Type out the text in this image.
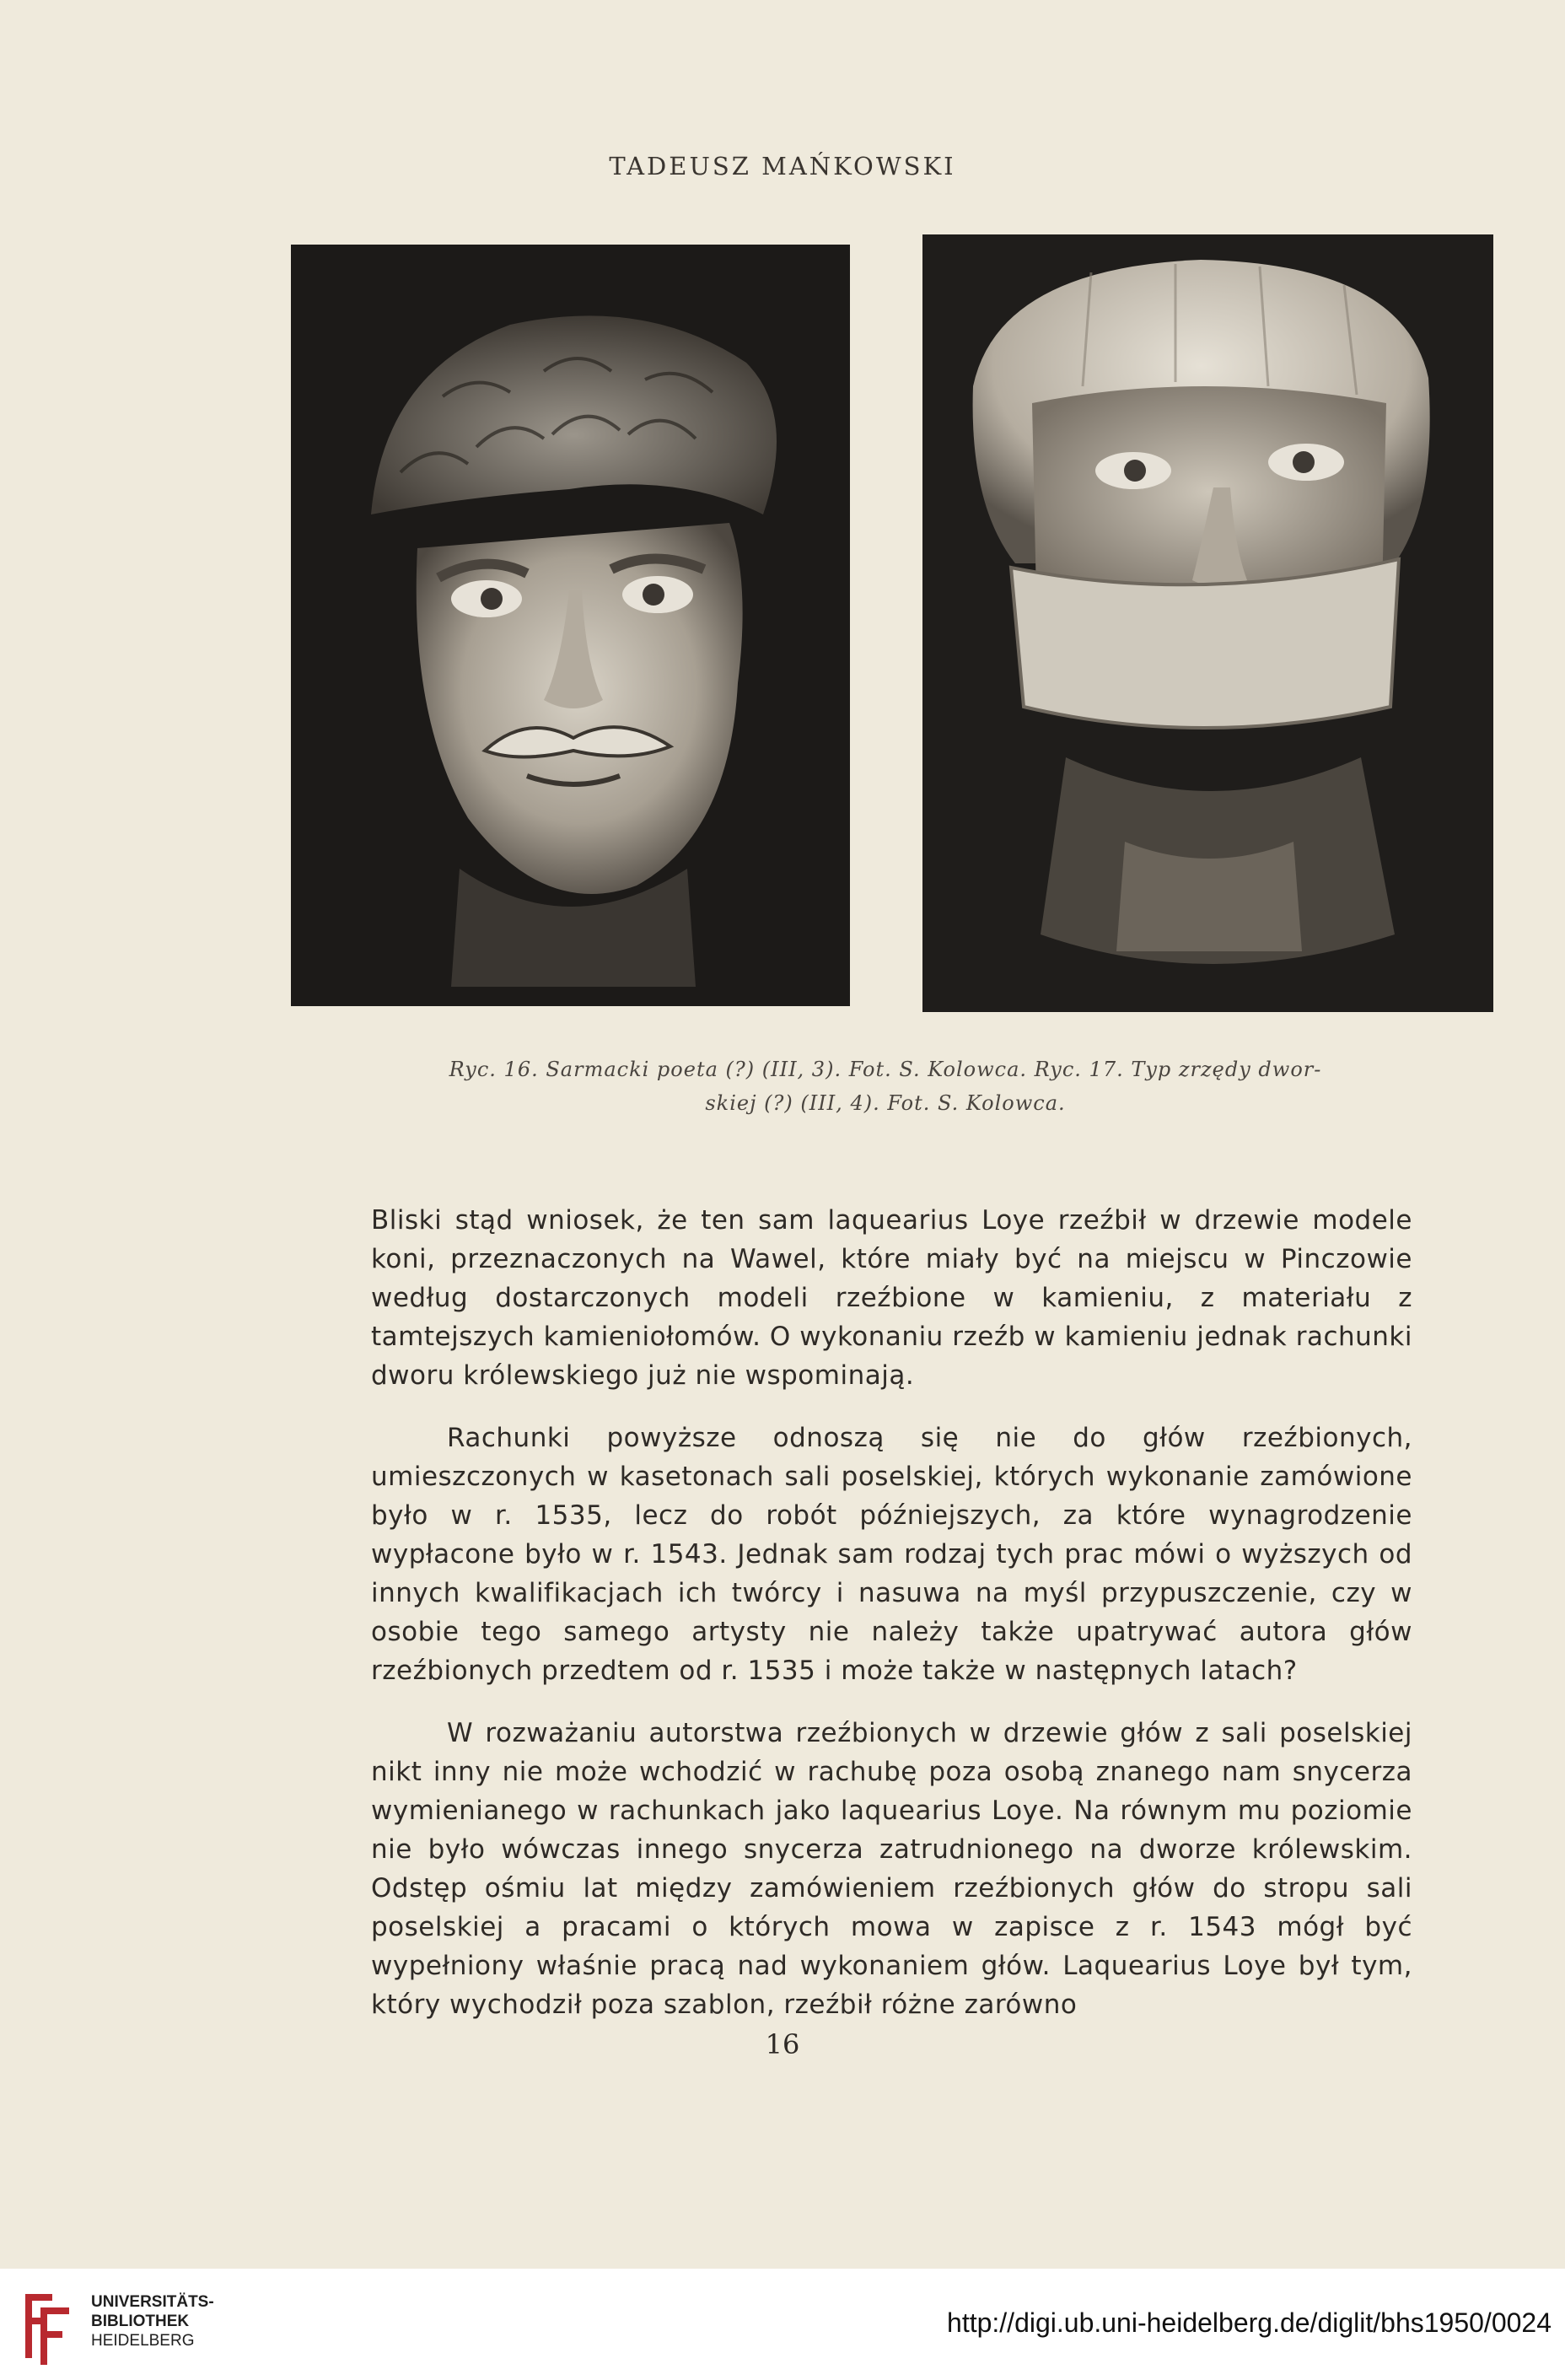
TADEUSZ MAŃKOWSKI
Ryc. 16. Sarmacki poeta (?) (III, 3). Fot. S. Kolowca. Ryc. 17. Typ zrzędy dwor-
skiej (?) (III, 4). Fot. S. Kolowca.

Bliski stąd wniosek, że ten sam laquearius Loye rzeźbił w drzewie modele koni, przeznaczonych na Wawel, które miały być na miejscu w Pinczowie według dostarczonych modeli rzeźbione w kamieniu, z materiału z tamtejszych kamieniołomów. O wykonaniu rzeźb w kamieniu jednak rachunki dworu królewskiego już nie wspominają.

Rachunki powyższe odnoszą się nie do głów rzeźbionych, umieszczonych w kasetonach sali poselskiej, których wykonanie zamówione było w r. 1535, lecz do robót późniejszych, za które wynagrodzenie wypłacone było w r. 1543. Jednak sam rodzaj tych prac mówi o wyższych od innych kwalifikacjach ich twórcy i nasuwa na myśl przypuszczenie, czy w osobie tego samego artysty nie należy także upatrywać autora głów rzeźbionych przedtem od r. 1535 i może także w następnych latach?

W rozważaniu autorstwa rzeźbionych w drzewie głów z sali poselskiej nikt inny nie może wchodzić w rachubę poza osobą znanego nam snycerza wymienianego w rachunkach jako laquearius Loye. Na równym mu poziomie nie było wówczas innego snycerza zatrudnionego na dworze królewskim. Odstęp ośmiu lat między zamówieniem rzeźbionych głów do stropu sali poselskiej a pracami o których mowa w zapisce z r. 1543 mógł być wypełniony właśnie pracą nad wykonaniem głów. Laquearius Loye był tym, który wychodził poza szablon, rzeźbił różne zarówno

16
UNIVERSITÄTS-
BIBLIOTHEK
HEIDELBERG
http://digi.ub.uni-heidelberg.de/diglit/bhs1950/0024
